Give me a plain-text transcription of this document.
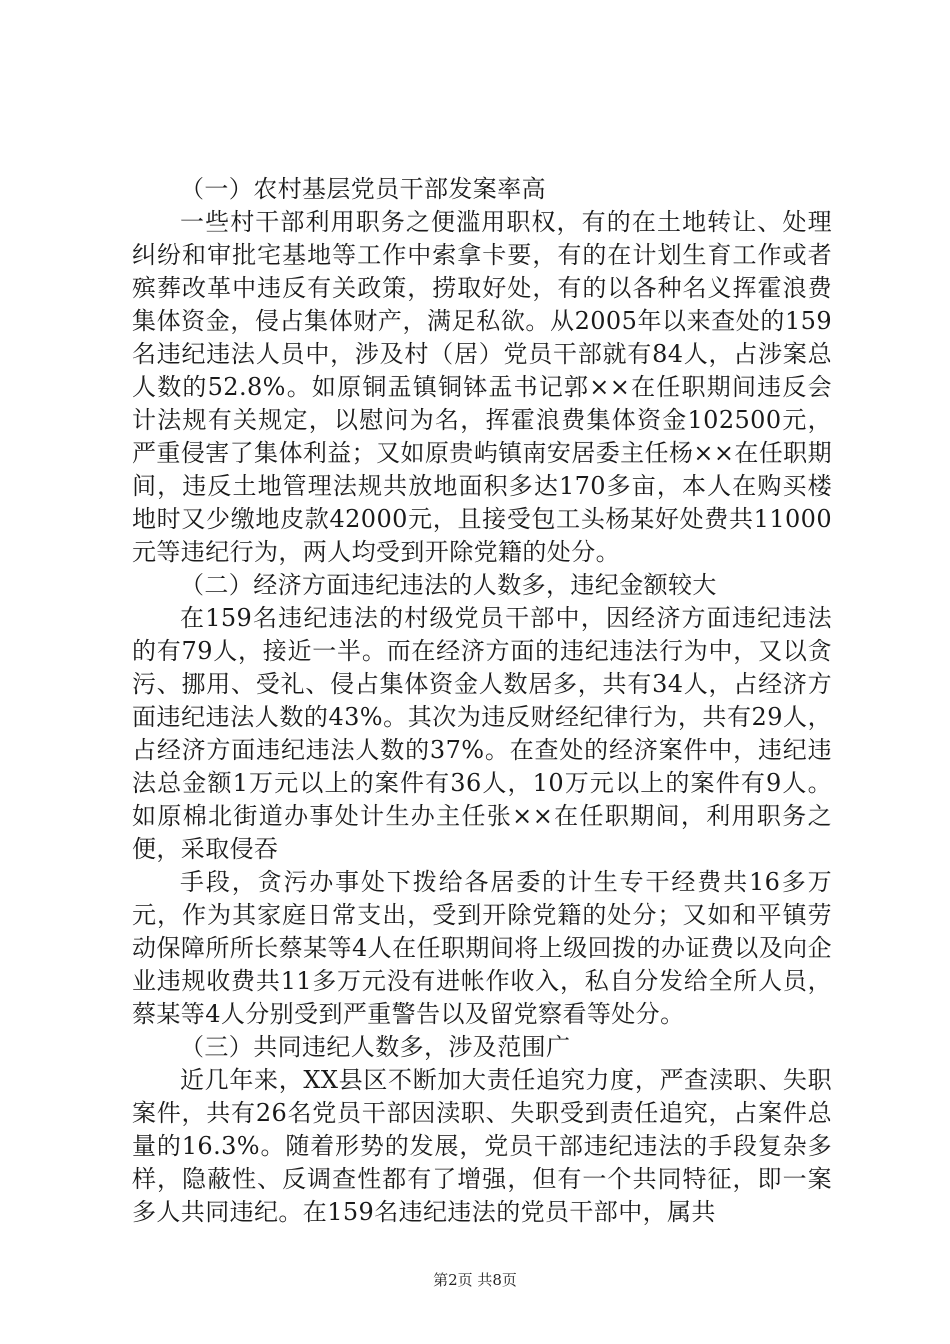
（一）农村基层党员干部发案率高

一些村干部利用职务之便滥用职权，有的在土地转让、处理纠纷和审批宅基地等工作中索拿卡要，有的在计划生育工作或者殡葬改革中违反有关政策，捞取好处，有的以各种名义挥霍浪费集体资金，侵占集体财产，满足私欲。从2005年以来查处的159名违纪违法人员中，涉及村（居）党员干部就有84人，占涉案总人数的52.8%。如原铜盂镇铜钵盂书记郭××在任职期间违反会计法规有关规定，以慰问为名，挥霍浪费集体资金102500元，严重侵害了集体利益；又如原贵屿镇南安居委主任杨××在任职期间，违反土地管理法规共放地面积多达170多亩，本人在购买楼地时又少缴地皮款42000元，且接受包工头杨某好处费共11000元等违纪行为，两人均受到开除党籍的处分。

（二）经济方面违纪违法的人数多，违纪金额较大

在159名违纪违法的村级党员干部中，因经济方面违纪违法的有79人，接近一半。而在经济方面的违纪违法行为中，又以贪污、挪用、受礼、侵占集体资金人数居多，共有34人，占经济方面违纪违法人数的43%。其次为违反财经纪律行为，共有29人，占经济方面违纪违法人数的37%。在查处的经济案件中，违纪违法总金额1万元以上的案件有36人，10万元以上的案件有9人。如原棉北街道办事处计生办主任张××在任职期间，利用职务之便，采取侵吞

手段，贪污办事处下拨给各居委的计生专干经费共16多万元，作为其家庭日常支出，受到开除党籍的处分；又如和平镇劳动保障所所长蔡某等4人在任职期间将上级回拨的办证费以及向企业违规收费共11多万元没有进帐作收入，私自分发给全所人员，蔡某等4人分别受到严重警告以及留党察看等处分。

（三）共同违纪人数多，涉及范围广

近几年来，XX县区不断加大责任追究力度，严查渎职、失职案件，共有26名党员干部因渎职、失职受到责任追究，占案件总量的16.3%。随着形势的发展，党员干部违纪违法的手段复杂多样，隐蔽性、反调查性都有了增强，但有一个共同特征，即一案多人共同违纪。在159名违纪违法的党员干部中，属共

第2页 共8页
